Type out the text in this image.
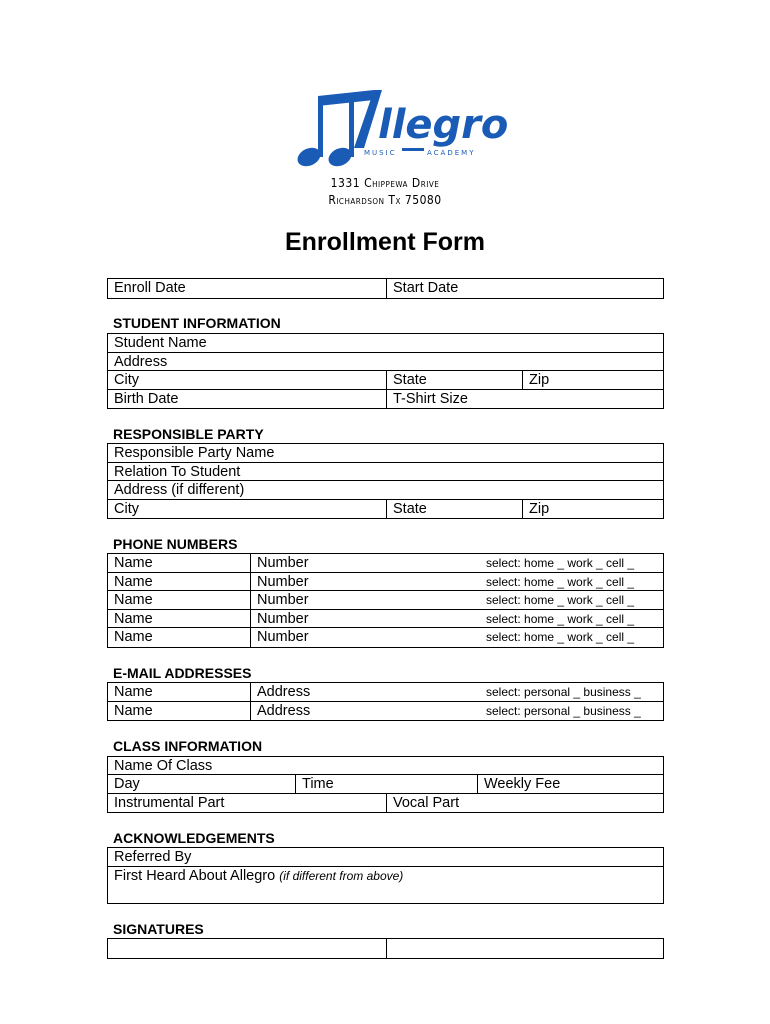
llegro
MUSIC	ACADEMY
1331 Chippewa Drive
Richardson Tx 75080
Enrollment Form
Enroll Date	Start Date
STUDENT INFORMATION
Student Name
Address
City	State	Zip
Birth Date	T-Shirt Size
RESPONSIBLE PARTY
Responsible Party Name
Relation To Student
Address (if different)
City	State	Zip
PHONE NUMBERS
Name	Number	select: home _ work _ cell _
Name	Number	select: home _ work _ cell _
Name	Number	select: home _ work _ cell _
Name	Number	select: home _ work _ cell _
Name	Number	select: home _ work _ cell _
E-MAIL ADDRESSES
Name	Address	select: personal _ business _
Name	Address	select: personal _ business _
CLASS INFORMATION
Name Of Class
Day	Time	Weekly Fee
Instrumental Part	Vocal Part
ACKNOWLEDGEMENTS
Referred By
First Heard About Allegro (if different from above)
SIGNATURES
